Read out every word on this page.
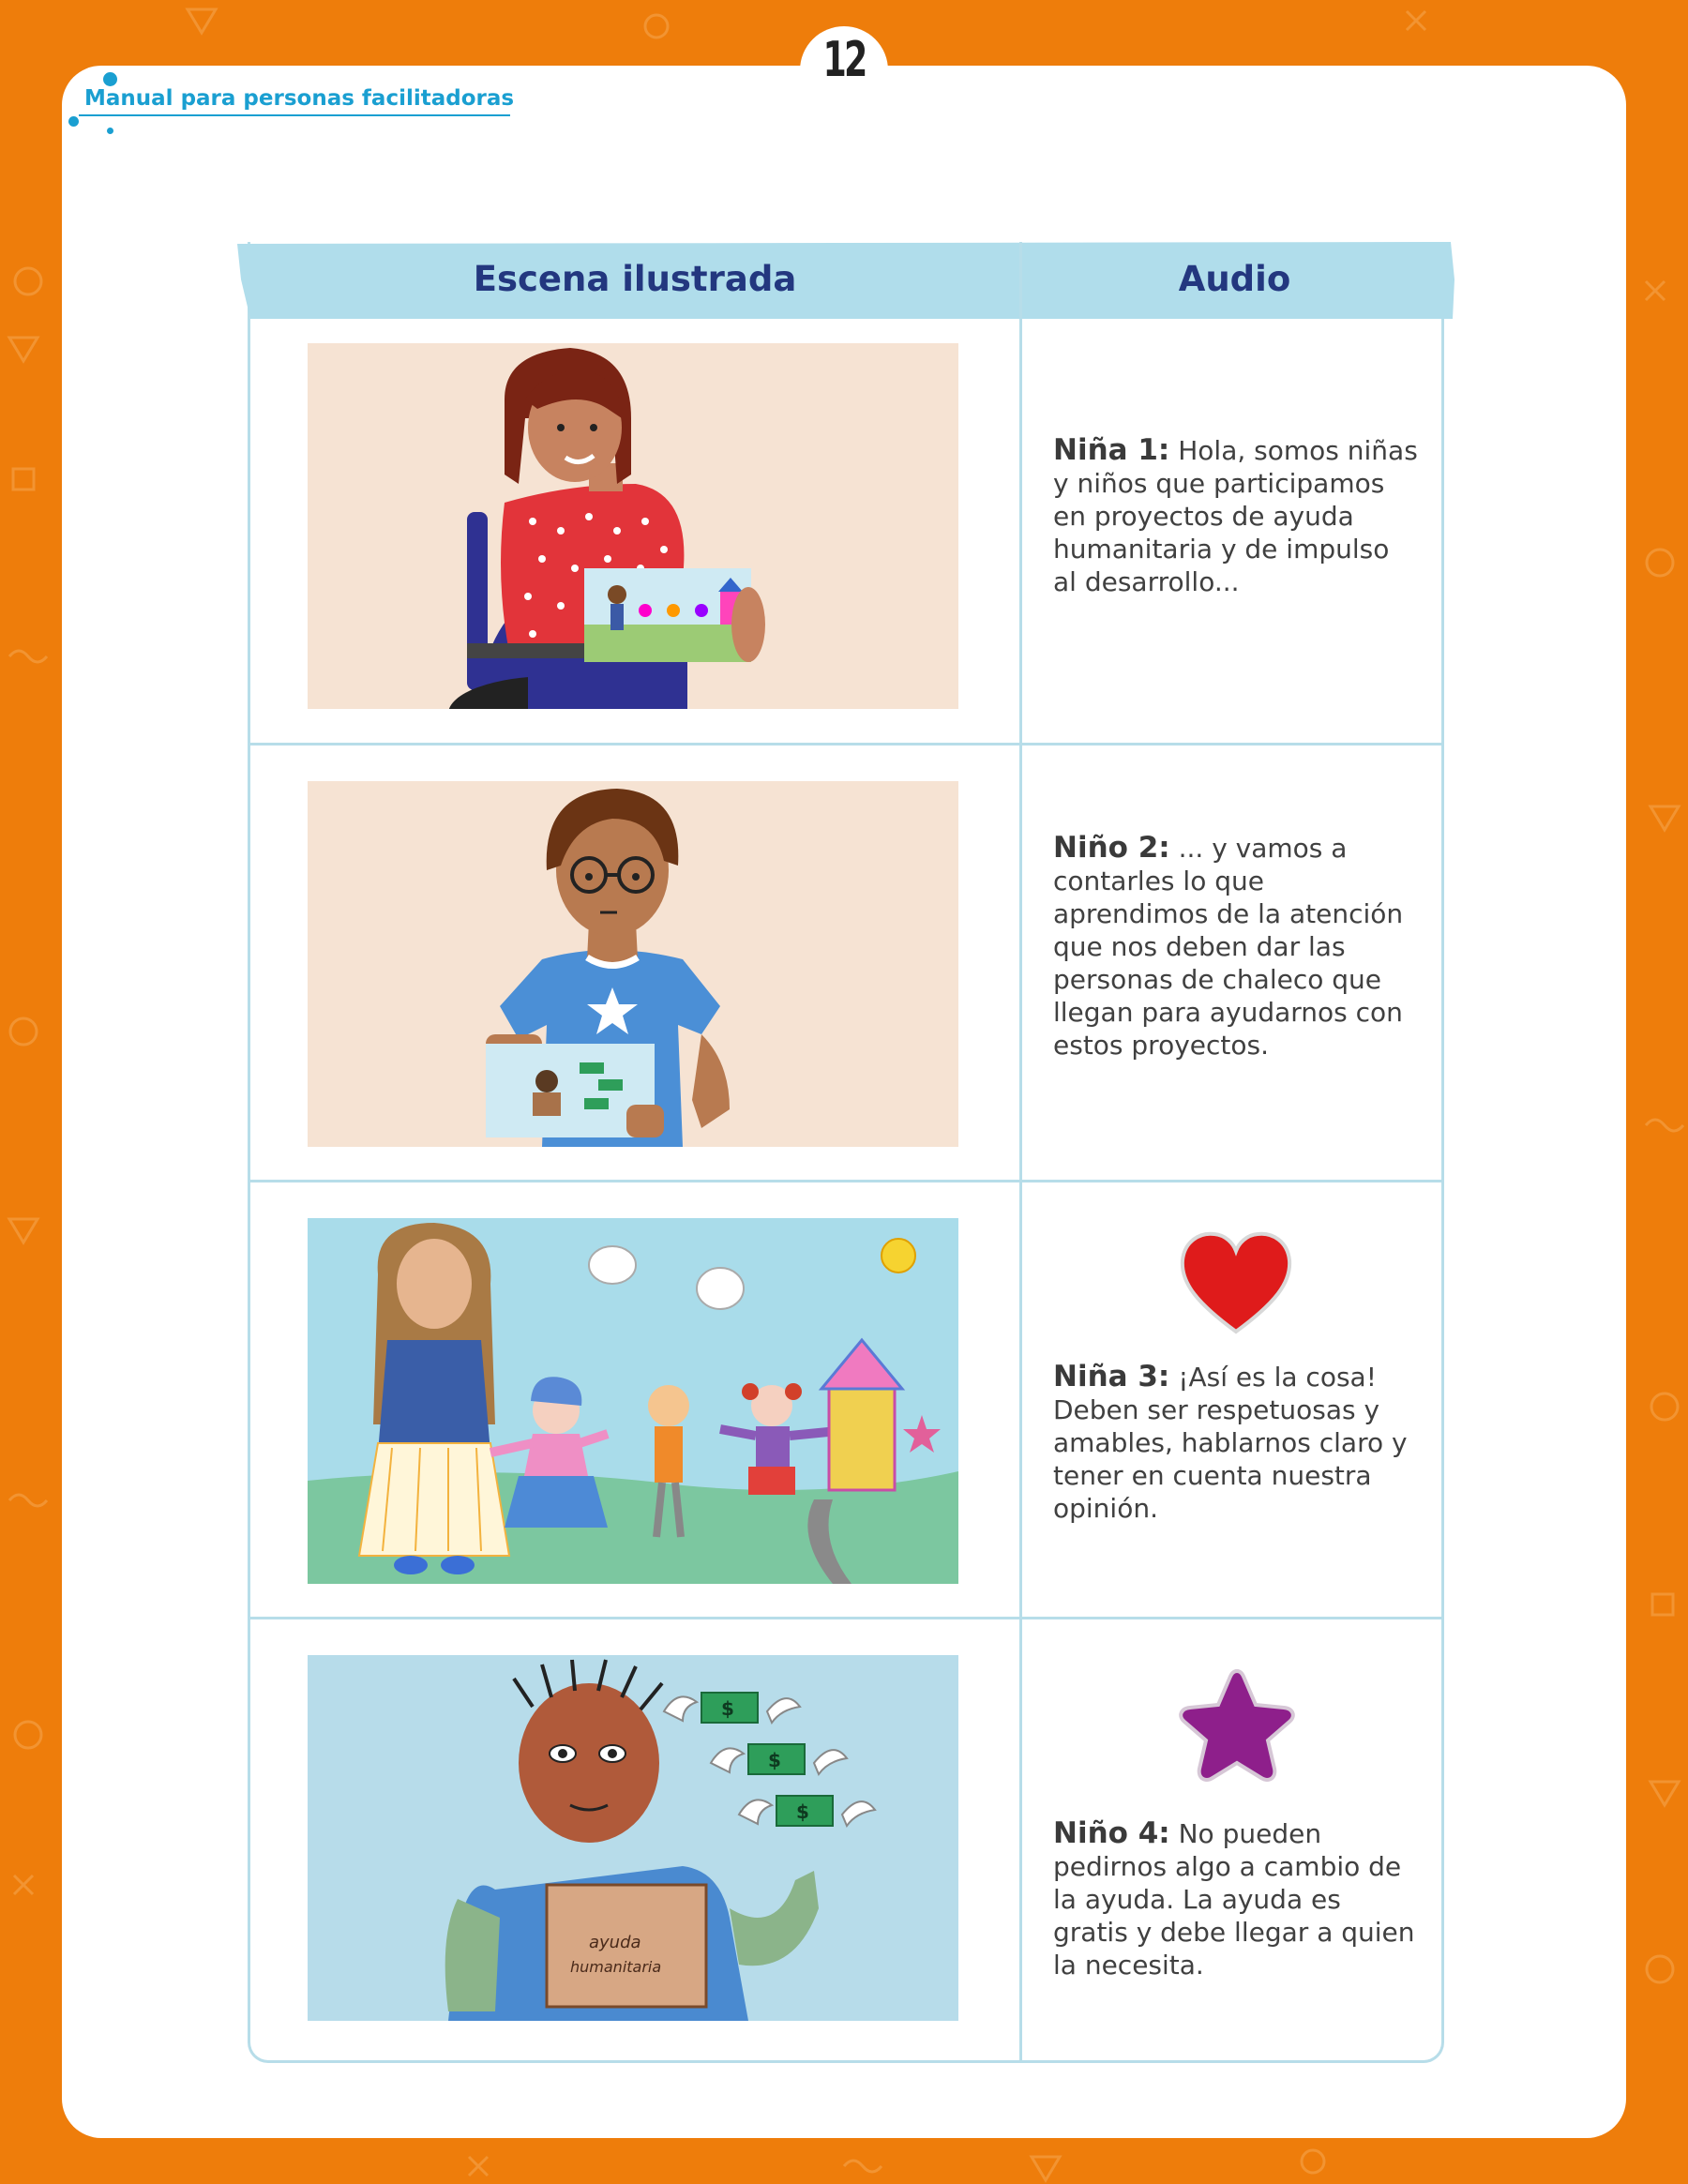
12
Manual para personas facilitadoras
Escena ilustrada	Audio
ayuda
humanitaria
$
$
$
Niña 1: Hola, somos niñas y niños que participamos en proyectos de ayuda humanitaria y de impulso al desarrollo...
Niño 2: ... y vamos a contarles lo que aprendimos de la atención que nos deben dar las personas de chaleco que llegan para ayudarnos con estos proyectos.
Niña 3: ¡Así es la cosa! Deben ser respetuosas y amables, hablarnos claro y tener en cuenta nuestra opinión.
Niño 4: No pueden pedirnos algo a cambio de la ayuda. La ayuda es gratis y debe llegar a quien la necesita.
